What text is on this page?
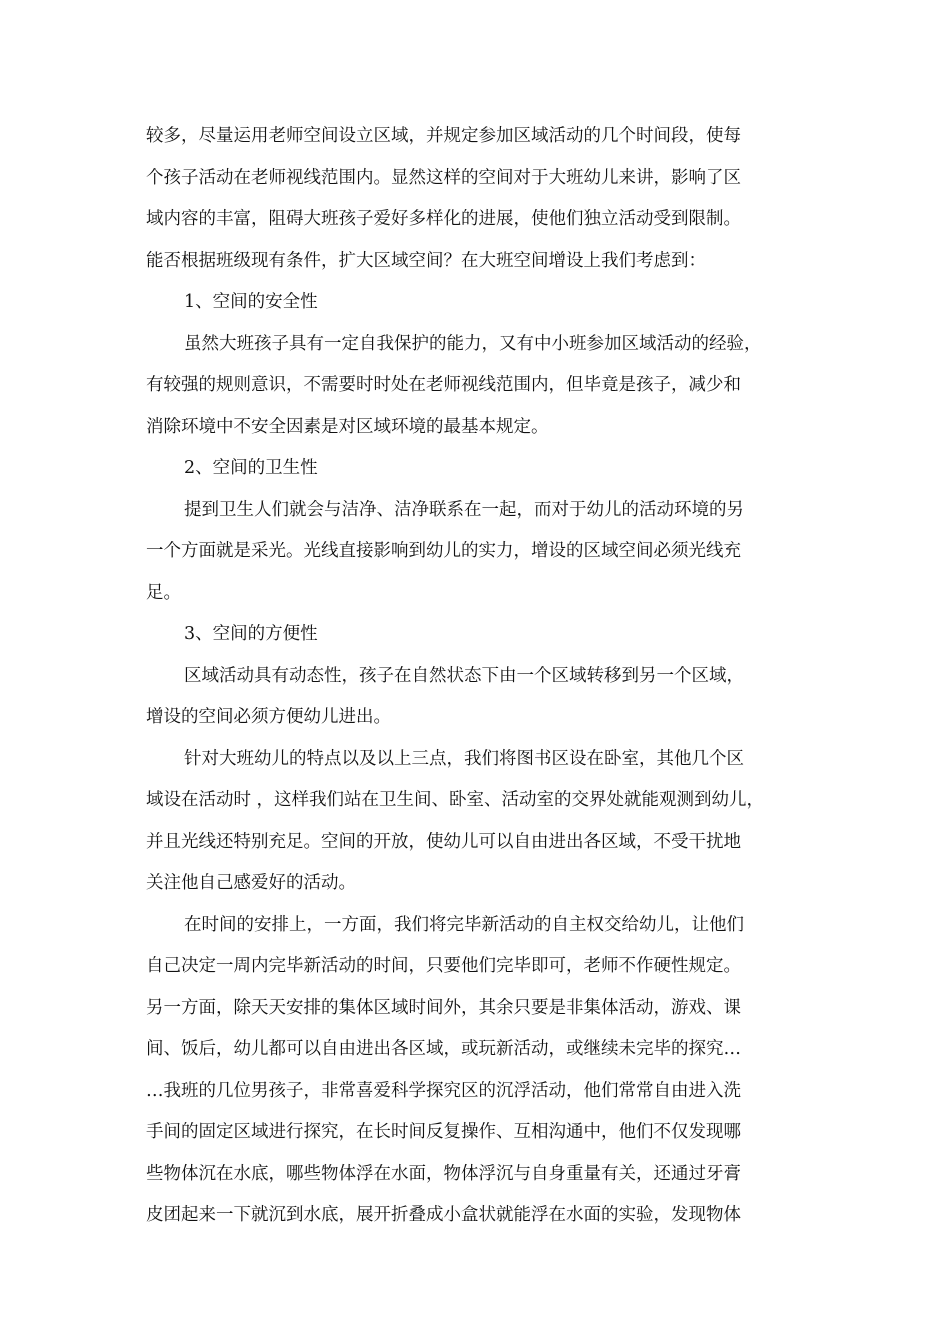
较多，尽量运用老师空间设立区域，并规定参加区域活动的几个时间段，使每
个孩子活动在老师视线范围内。显然这样的空间对于大班幼儿来讲，影响了区
域内容的丰富，阻碍大班孩子爱好多样化的进展，使他们独立活动受到限制。
能否根据班级现有条件，扩大区域空间？在大班空间增设上我们考虑到：
1、空间的安全性
虽然大班孩子具有一定自我保护的能力，又有中小班参加区域活动的经验，
有较强的规则意识，不需要时时处在老师视线范围内，但毕竟是孩子，减少和
消除环境中不安全因素是对区域环境的最基本规定。
2、空间的卫生性
提到卫生人们就会与洁净、洁净联系在一起，而对于幼儿的活动环境的另
一个方面就是采光。光线直接影响到幼儿的实力，增设的区域空间必须光线充
足。
3、空间的方便性
区域活动具有动态性，孩子在自然状态下由一个区域转移到另一个区域，
增设的空间必须方便幼儿进出。
针对大班幼儿的特点以及以上三点，我们将图书区设在卧室，其他几个区
域设在活动时 ，这样我们站在卫生间、卧室、活动室的交界处就能观测到幼儿，
并且光线还特别充足。空间的开放，使幼儿可以自由进出各区域，不受干扰地
关注他自己感爱好的活动。
在时间的安排上，一方面，我们将完毕新活动的自主权交给幼儿，让他们
自己决定一周内完毕新活动的时间，只要他们完毕即可，老师不作硬性规定。
另一方面，除天天安排的集体区域时间外，其余只要是非集体活动，游戏、课
间、饭后，幼儿都可以自由进出各区域，或玩新活动，或继续未完毕的探究…
…我班的几位男孩子，非常喜爱科学探究区的沉浮活动，他们常常自由进入洗
手间的固定区域进行探究，在长时间反复操作、互相沟通中，他们不仅发现哪
些物体沉在水底，哪些物体浮在水面，物体浮沉与自身重量有关，还通过牙膏
皮团起来一下就沉到水底，展开折叠成小盒状就能浮在水面的实验，发现物体
